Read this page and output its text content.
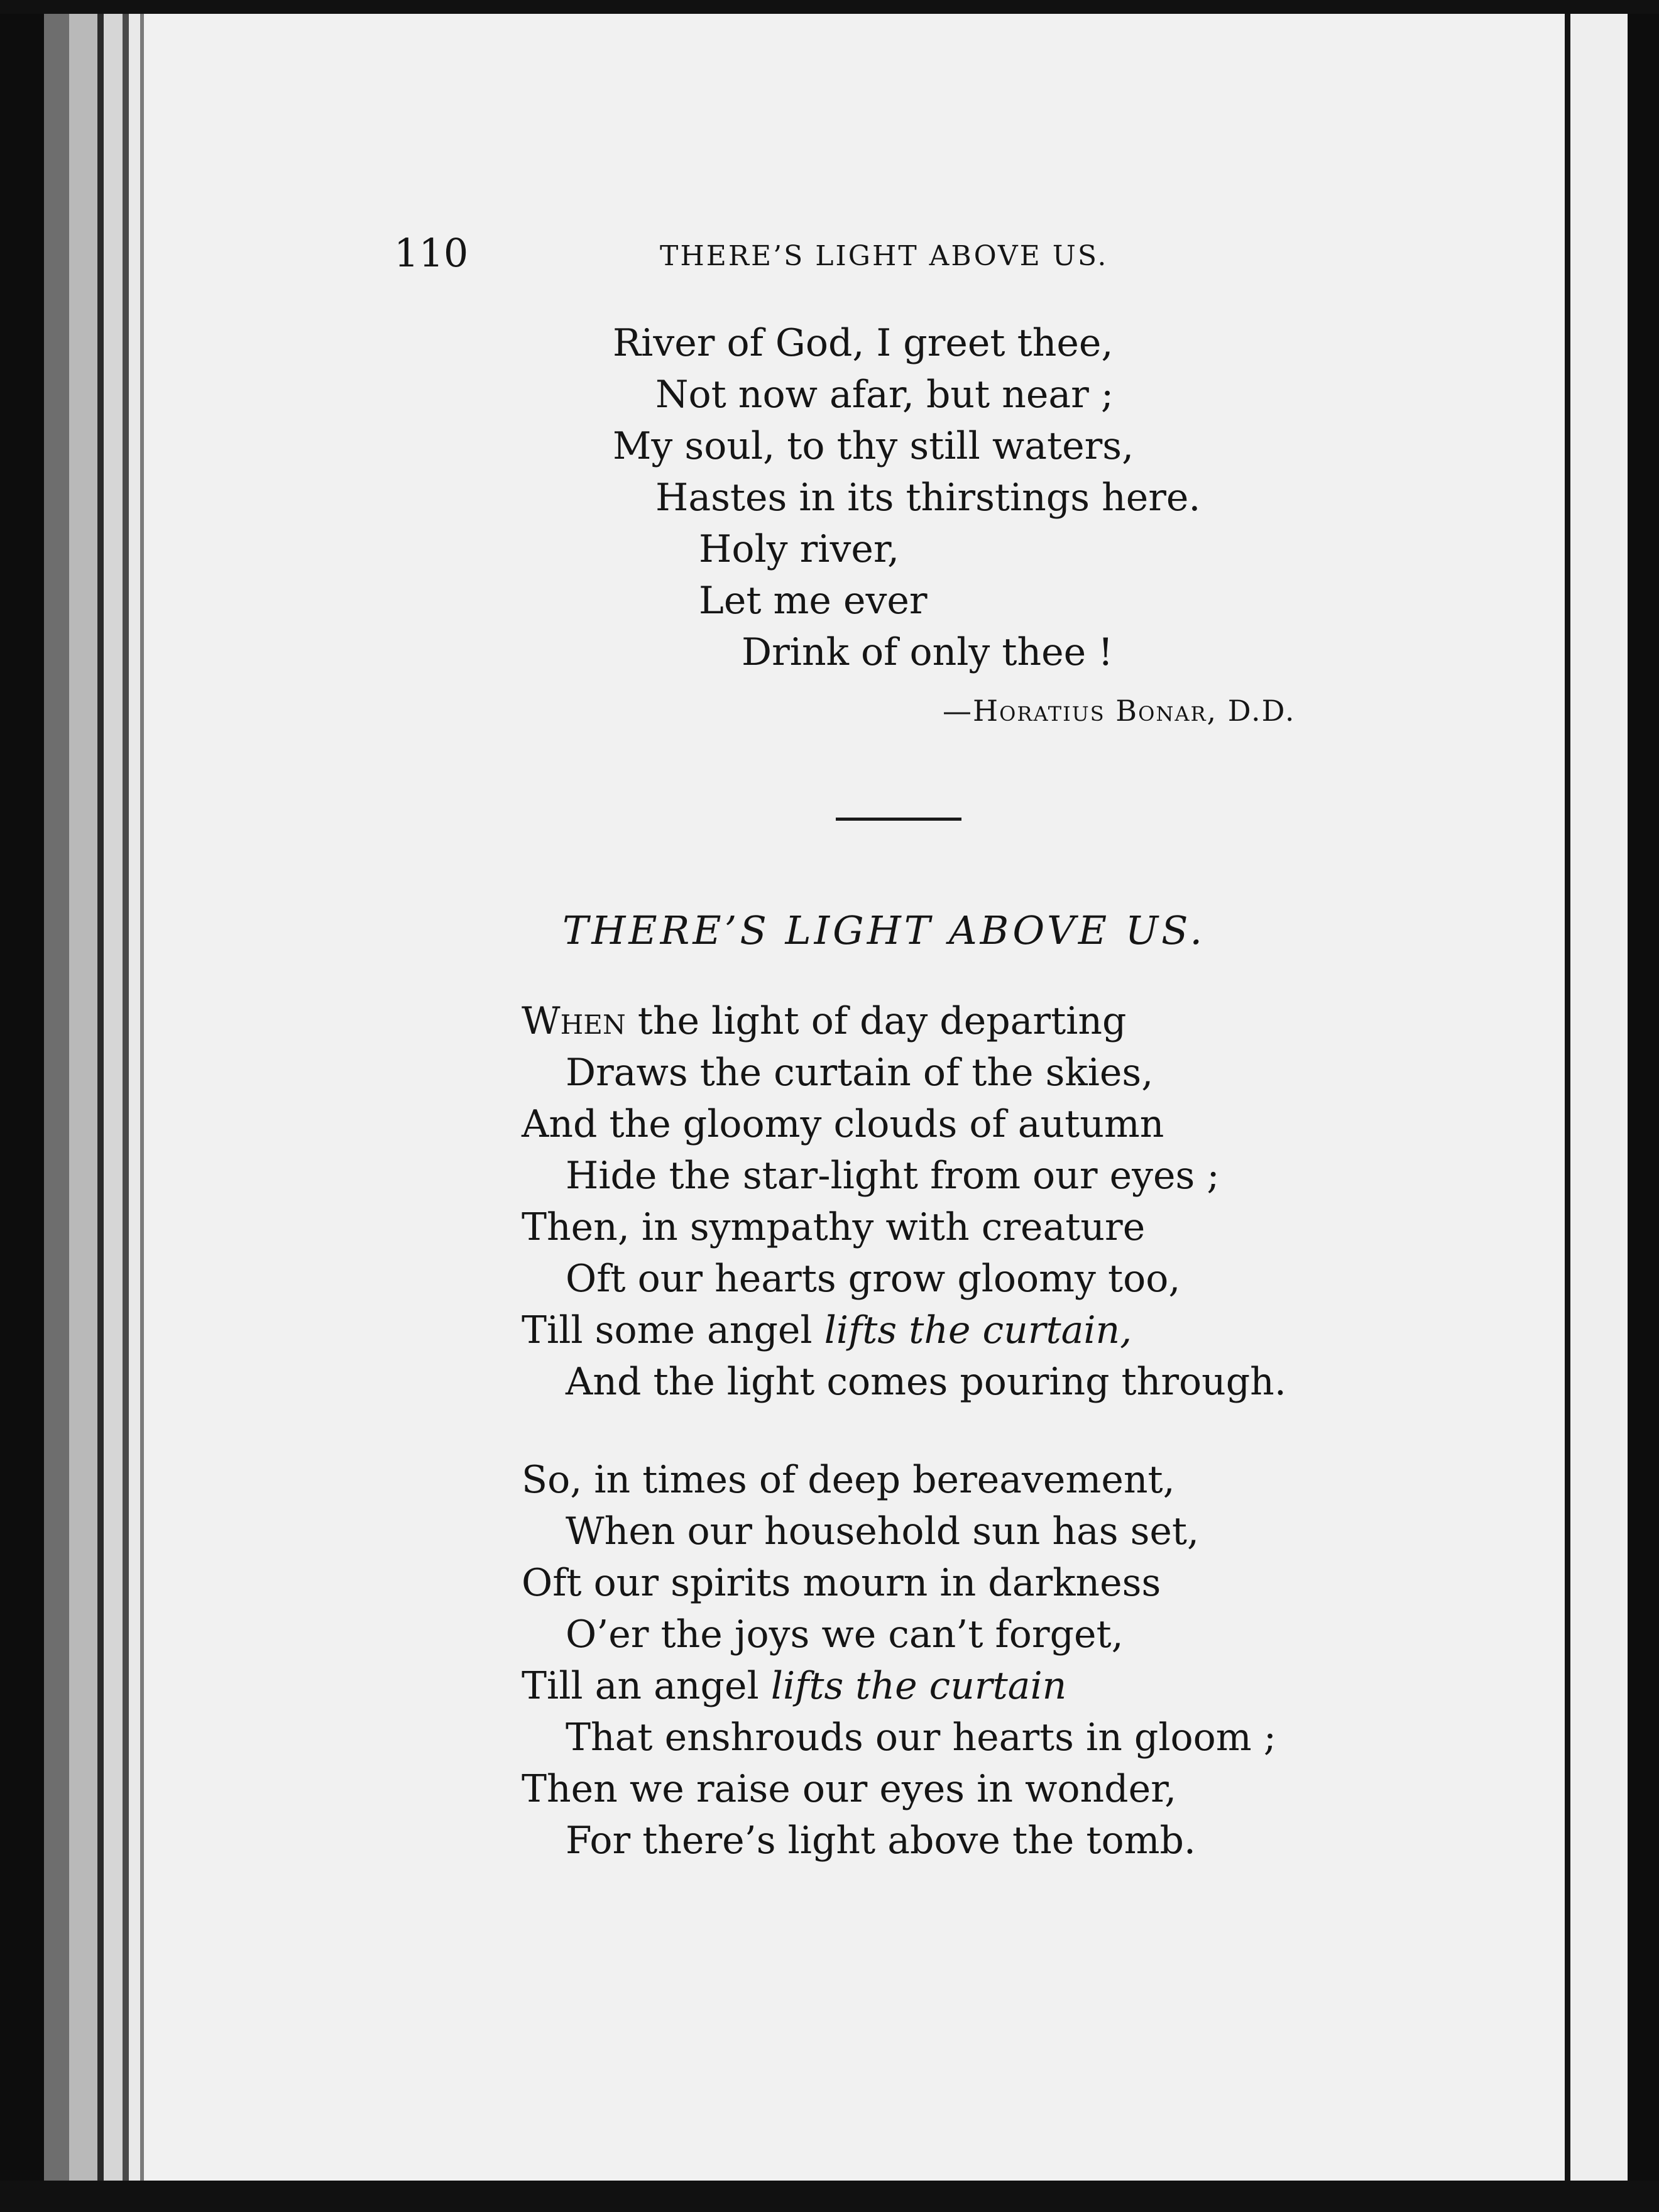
110	THERE’S LIGHT ABOVE US.

River of God, I greet thee,

Not now afar, but near ;

My soul, to thy still waters,

Hastes in its thirstings here.

Holy river,

Let me ever

Drink of only thee !

—Horatius Bonar, D.D.

THERE’S LIGHT ABOVE US.

When the light of day departing

Draws the curtain of the skies,

And the gloomy clouds of autumn

Hide the star-light from our eyes ;

Then, in sympathy with creature

Oft our hearts grow gloomy too,

Till some angel lifts the curtain,

And the light comes pouring through.

So, in times of deep bereavement,

When our household sun has set,

Oft our spirits mourn in darkness

O’er the joys we can’t forget,

Till an angel lifts the curtain

That enshrouds our hearts in gloom ;

Then we raise our eyes in wonder,

For there’s light above the tomb.
